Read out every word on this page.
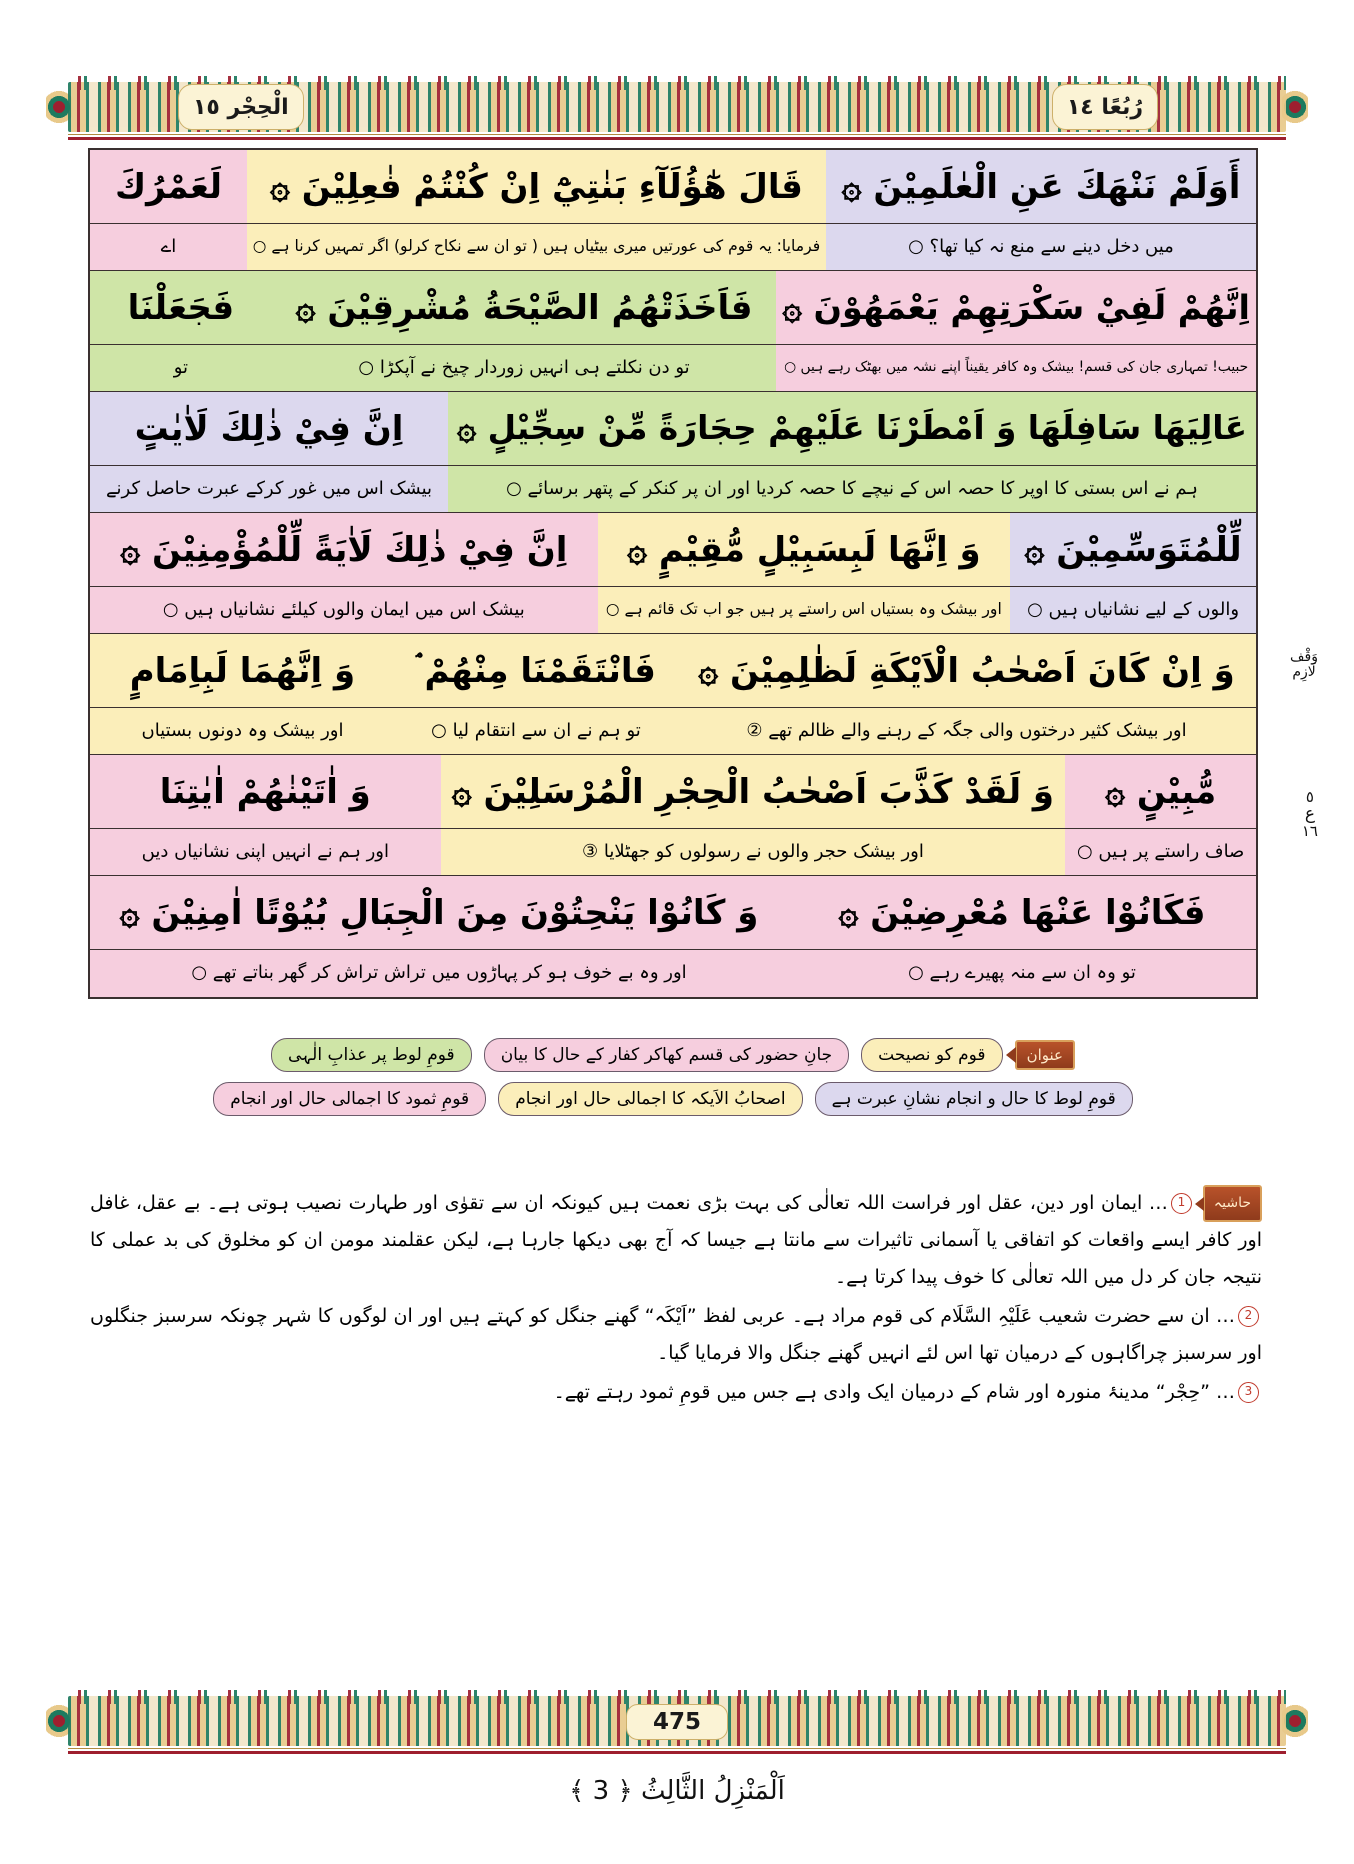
الْحِجْر ١٥	رُبُعًا ١٤
أَوَلَمْ نَنْهَكَ عَنِ الْعٰلَمِيْنَ ۞
قَالَ هٰٓؤُلَآءِ بَنٰتِيْٓ اِنْ كُنْتُمْ فٰعِلِيْنَ ۞
لَعَمْرُكَ
میں دخل دینے سے منع نہ کیا تھا؟ ○
فرمایا: یہ قوم کی عورتیں میری بیٹیاں ہیں ( تو ان سے نکاح کرلو) اگر تمہیں کرنا ہے ○
اے
اِنَّهُمْ لَفِيْ سَكْرَتِهِمْ يَعْمَهُوْنَ ۞
فَاَخَذَتْهُمُ الصَّيْحَةُ مُشْرِقِيْنَ ۞
فَجَعَلْنَا
حبیب! تمہاری جان کی قسم! بیشک وہ کافر یقیناً اپنے نشہ میں بھٹک رہے ہیں ○
تو دن نکلتے ہی انہیں زوردار چیخ نے آپکڑا ○
تو
عَالِيَهَا سَافِلَهَا وَ اَمْطَرْنَا عَلَيْهِمْ حِجَارَةً مِّنْ سِجِّيْلٍ ۞
اِنَّ فِيْ ذٰلِكَ لَاٰيٰتٍ
ہم نے اس بستی کا اوپر کا حصہ اس کے نیچے کا حصہ کردیا اور ان پر کنکر کے پتھر برسائے ○
بیشک اس میں غور کرکے عبرت حاصل کرنے
لِّلْمُتَوَسِّمِيْنَ ۞
وَ اِنَّهَا لَبِسَبِيْلٍ مُّقِيْمٍ ۞
اِنَّ فِيْ ذٰلِكَ لَاٰيَةً لِّلْمُؤْمِنِيْنَ ۞
والوں کے لیے نشانیاں ہیں ○
اور بیشک وہ بستیاں اس راستے پر ہیں جو اب تک قائم ہے ○
بیشک اس میں ایمان والوں کیلئے نشانیاں ہیں ○
وَ اِنْ كَانَ اَصْحٰبُ الْاَيْكَةِ لَظٰلِمِيْنَ ۞
فَانْتَقَمْنَا مِنْهُمْ ۘ
وَ اِنَّهُمَا لَبِاِمَامٍ
اور بیشک کثیر درختوں والی جگہ کے رہنے والے ظالم تھے ②
تو ہم نے ان سے انتقام لیا ○
اور بیشک وہ دونوں بستیاں
مُّبِيْنٍ ۞
وَ لَقَدْ كَذَّبَ اَصْحٰبُ الْحِجْرِ الْمُرْسَلِيْنَ ۞
وَ اٰتَيْنٰهُمْ اٰيٰتِنَا
صاف راستے پر ہیں ○
اور بیشک حجر والوں نے رسولوں کو جھٹلایا ③
اور ہم نے انہیں اپنی نشانیاں دیں
فَكَانُوْا عَنْهَا مُعْرِضِيْنَ ۞
وَ كَانُوْا يَنْحِتُوْنَ مِنَ الْجِبَالِ بُيُوْتًا اٰمِنِيْنَ ۞
تو وہ ان سے منہ پھیرے رہے ○
اور وہ بے خوف ہو کر پہاڑوں میں تراش تراش کر گھر بناتے تھے ○
وَقْف
لَازِم
٥
ع
١٦
عنوان
قوم کو نصیحت
جانِ حضور کی قسم کھاکر کفار کے حال کا بیان
قومِ لوط پر عذابِ الٰہی
قومِ لوط کا حال و انجام نشانِ عبرت ہے
اصحابُ الاَیکہ کا اجمالی حال اور انجام
قومِ ثمود کا اجمالی حال اور انجام

حاشیہ1… ایمان اور دین، عقل اور فراست اللہ تعالٰی کی بہت بڑی نعمت ہیں کیونکہ ان سے تقوٰی اور طہارت نصیب ہوتی ہے۔ بے عقل، غافل اور کافر ایسے واقعات کو اتفاقی یا آسمانی تاثیرات سے مانتا ہے جیسا کہ آج بھی دیکھا جارہا ہے، لیکن عقلمند مومن ان کو مخلوق کی بد عملی کا نتیجہ جان کر دل میں اللہ تعالٰی کا خوف پیدا کرتا ہے۔

2… ان سے حضرت شعیب عَلَیْہِ السَّلَام کی قوم مراد ہے۔ عربی لفظ ”اَیْکَہ“ گھنے جنگل کو کہتے ہیں اور ان لوگوں کا شہر چونکہ سرسبز جنگلوں اور سرسبز چراگاہوں کے درمیان تھا اس لئے انہیں گھنے جنگل والا فرمایا گیا۔

3… ”حِجْر“ مدینۂ منورہ اور شام کے درمیان ایک وادی ہے جس میں قومِ ثمود رہتے تھے۔

475
اَلْمَنْزِلُ الثَّالِثُ ﴿ 3 ﴾
